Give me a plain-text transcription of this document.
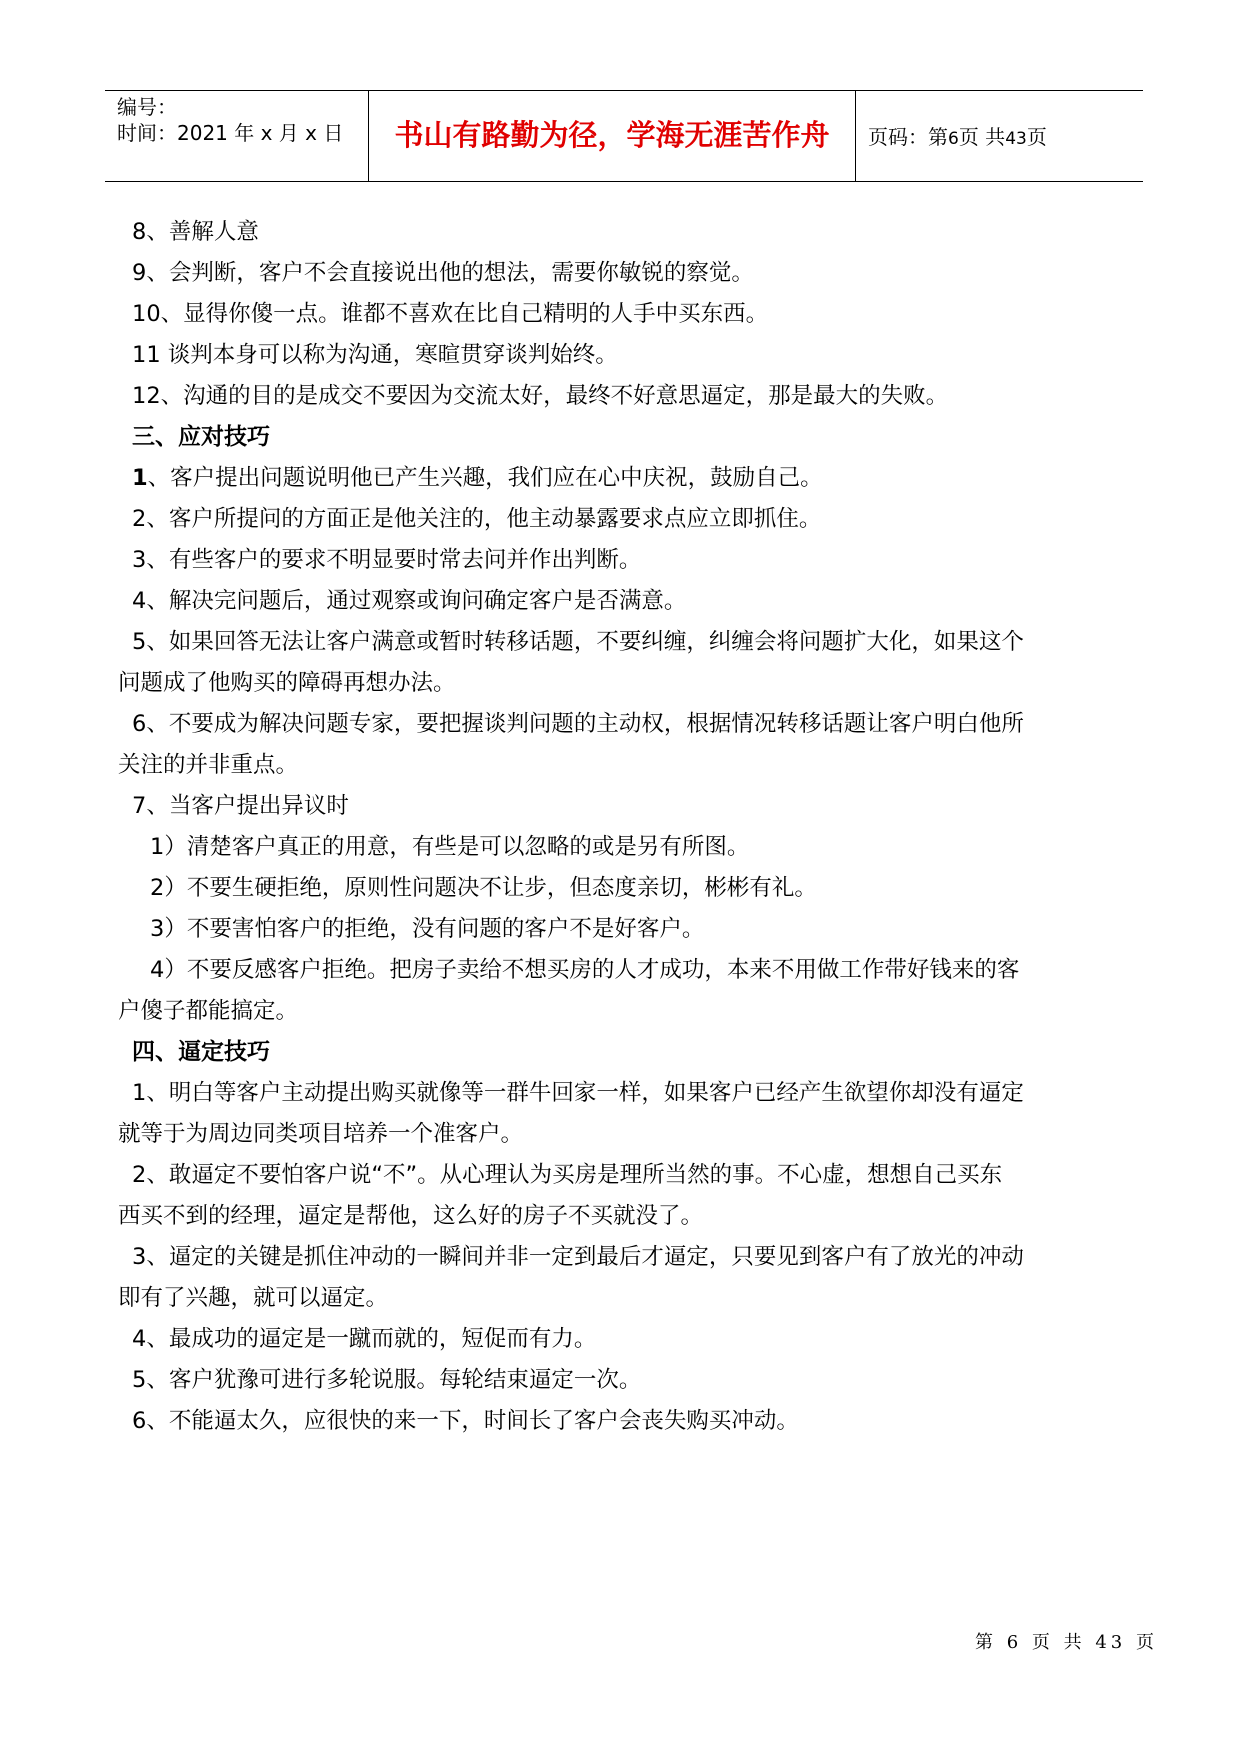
编号：
时间：2021 年 x 月 x 日	书山有路勤为径，学海无涯苦作舟	页码：第6页 共43页
8、善解人意
9、会判断，客户不会直接说出他的想法，需要你敏锐的察觉。
10、显得你傻一点。谁都不喜欢在比自己精明的人手中买东西。
11 谈判本身可以称为沟通，寒暄贯穿谈判始终。
12、沟通的目的是成交不要因为交流太好，最终不好意思逼定，那是最大的失败。
三、应对技巧
1、客户提出问题说明他已产生兴趣，我们应在心中庆祝，鼓励自己。
2、客户所提问的方面正是他关注的，他主动暴露要求点应立即抓住。
3、有些客户的要求不明显要时常去问并作出判断。
4、解决完问题后，通过观察或询问确定客户是否满意。
5、如果回答无法让客户满意或暂时转移话题，不要纠缠，纠缠会将问题扩大化，如果这个
问题成了他购买的障碍再想办法。
6、不要成为解决问题专家，要把握谈判问题的主动权，根据情况转移话题让客户明白他所
关注的并非重点。
7、当客户提出异议时
1）清楚客户真正的用意，有些是可以忽略的或是另有所图。
2）不要生硬拒绝，原则性问题决不让步，但态度亲切，彬彬有礼。
3）不要害怕客户的拒绝，没有问题的客户不是好客户。
4）不要反感客户拒绝。把房子卖给不想买房的人才成功，本来不用做工作带好钱来的客
户傻子都能搞定。
四、逼定技巧
1、明白等客户主动提出购买就像等一群牛回家一样，如果客户已经产生欲望你却没有逼定
就等于为周边同类项目培养一个准客户。
2、敢逼定不要怕客户说“不”。从心理认为买房是理所当然的事。不心虚，想想自己买东
西买不到的经理，逼定是帮他，这么好的房子不买就没了。
3、逼定的关键是抓住冲动的一瞬间并非一定到最后才逼定，只要见到客户有了放光的冲动
即有了兴趣，就可以逼定。
4、最成功的逼定是一蹴而就的，短促而有力。
5、客户犹豫可进行多轮说服。每轮结束逼定一次。
6、不能逼太久，应很快的来一下，时间长了客户会丧失购买冲动。
第 6 页 共 43 页
